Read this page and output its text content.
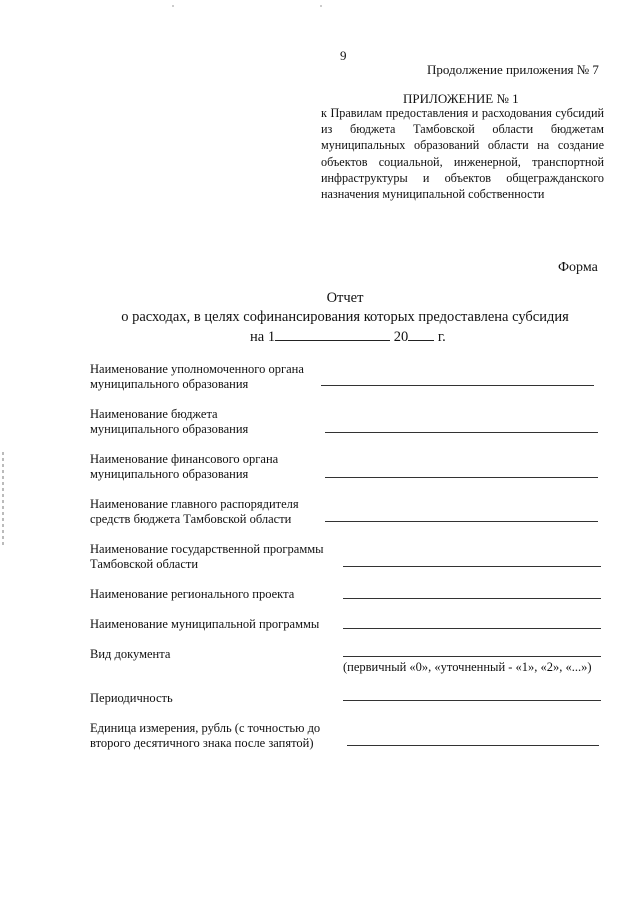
9
Продолжение приложения № 7
ПРИЛОЖЕНИЕ № 1
к Правилам предоставления и расходования субсидий из бюджета Тамбовской области бюджетам муниципальных образований области на создание объектов социальной, инженерной, транспортной инфраструктуры и объектов общегражданского назначения муниципальной собственности
Форма
Отчет
о расходах, в целях софинансирования которых предоставлена субсидия
на 1	20 г.
Наименование уполномоченного органа муниципального образования
Наименование бюджета муниципального образования
Наименование финансового органа муниципального образования
Наименование главного распорядителя средств бюджета Тамбовской области
Наименование государственной программы Тамбовской области
Наименование регионального проекта
Наименование муниципальной программы
Вид документа
(первичный «0», «уточненный - «1», «2», «...»)
Периодичность
Единица измерения, рубль (с точностью до второго десятичного знака после запятой)
